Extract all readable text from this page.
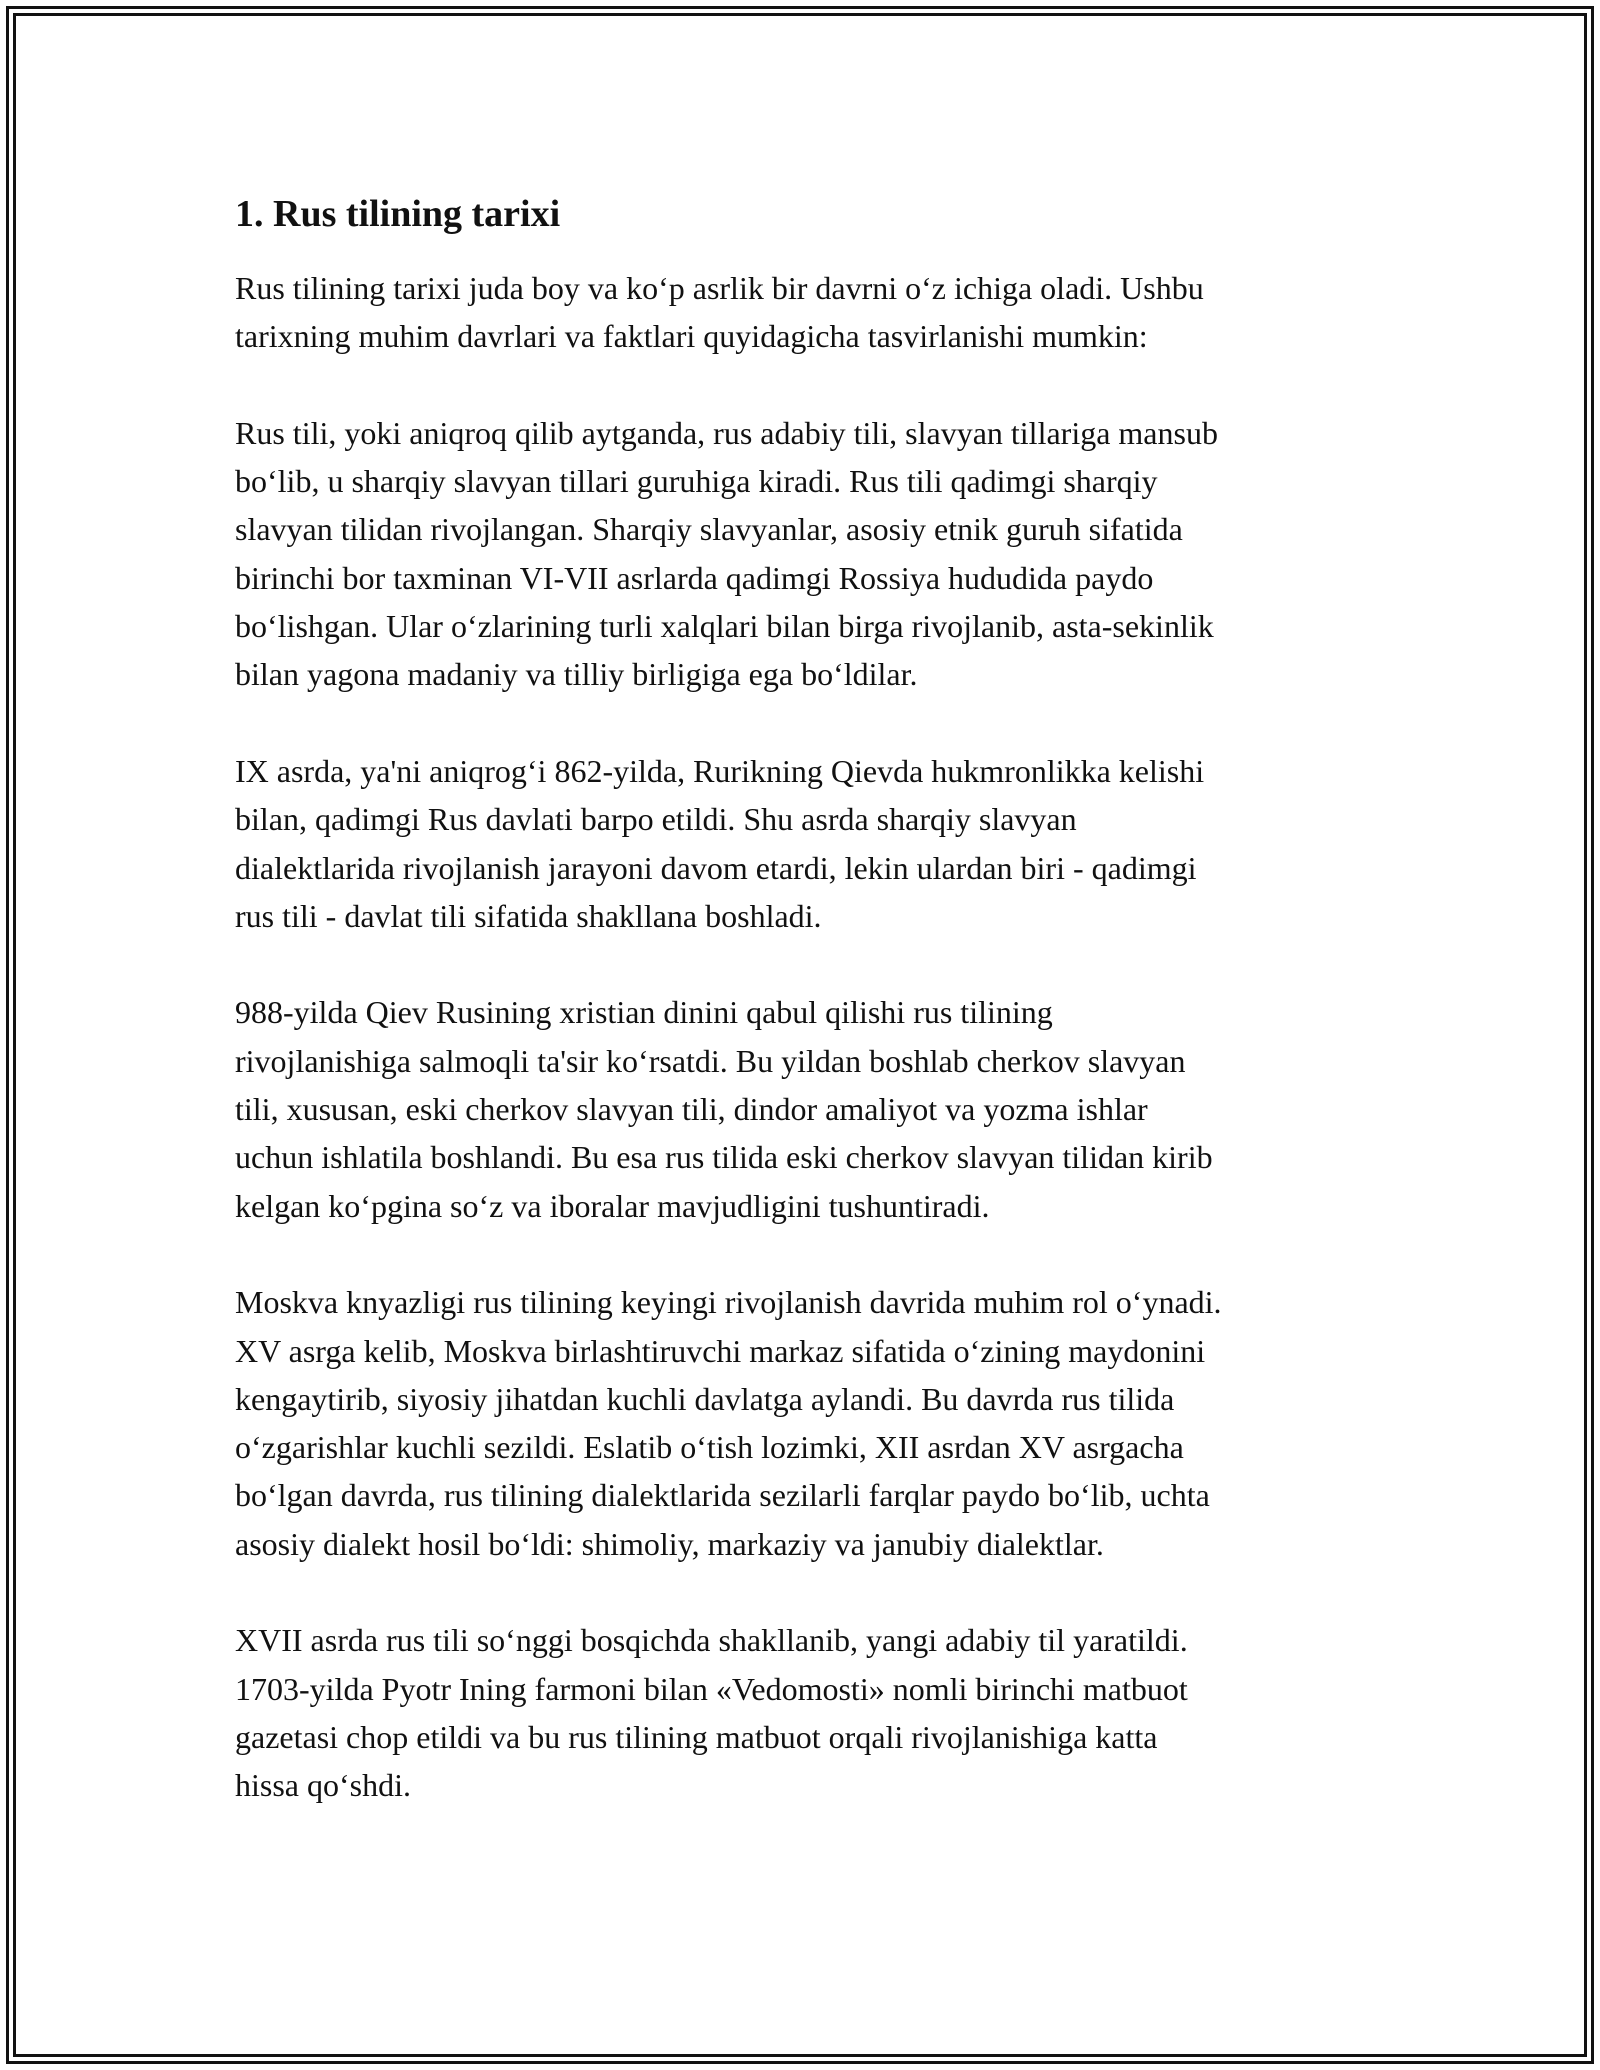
1. Rus tilining tarixi

Rus tilining tarixi juda boy va koʻp asrlik bir davrni oʻz ichiga oladi. Ushbu
tarixning muhim davrlari va faktlari quyidagicha tasvirlanishi mumkin:

Rus tili, yoki aniqroq qilib aytganda, rus adabiy tili, slavyan tillariga mansub
boʻlib, u sharqiy slavyan tillari guruhiga kiradi. Rus tili qadimgi sharqiy
slavyan tilidan rivojlangan. Sharqiy slavyanlar, asosiy etnik guruh sifatida
birinchi bor taxminan VI-VII asrlarda qadimgi Rossiya hududida paydo
boʻlishgan. Ular oʻzlarining turli xalqlari bilan birga rivojlanib, asta-sekinlik
bilan yagona madaniy va tilliy birligiga ega boʻldilar.

IX asrda, ya'ni aniqrogʻi 862-yilda, Rurikning Qievda hukmronlikka kelishi
bilan, qadimgi Rus davlati barpo etildi. Shu asrda sharqiy slavyan
dialektlarida rivojlanish jarayoni davom etardi, lekin ulardan biri - qadimgi
rus tili - davlat tili sifatida shakllana boshladi.

988-yilda Qiev Rusining xristian dinini qabul qilishi rus tilining
rivojlanishiga salmoqli ta'sir koʻrsatdi. Bu yildan boshlab cherkov slavyan
tili, xususan, eski cherkov slavyan tili, dindor amaliyot va yozma ishlar
uchun ishlatila boshlandi. Bu esa rus tilida eski cherkov slavyan tilidan kirib
kelgan koʻpgina soʻz va iboralar mavjudligini tushuntiradi.

Moskva knyazligi rus tilining keyingi rivojlanish davrida muhim rol oʻynadi.
XV asrga kelib, Moskva birlashtiruvchi markaz sifatida oʻzining maydonini
kengaytirib, siyosiy jihatdan kuchli davlatga aylandi. Bu davrda rus tilida
oʻzgarishlar kuchli sezildi. Eslatib oʻtish lozimki, XII asrdan XV asrgacha
boʻlgan davrda, rus tilining dialektlarida sezilarli farqlar paydo boʻlib, uchta
asosiy dialekt hosil boʻldi: shimoliy, markaziy va janubiy dialektlar.

XVII asrda rus tili soʻnggi bosqichda shakllanib, yangi adabiy til yaratildi.
1703-yilda Pyotr Ining farmoni bilan «Vedomosti» nomli birinchi matbuot
gazetasi chop etildi va bu rus tilining matbuot orqali rivojlanishiga katta
hissa qoʻshdi.
